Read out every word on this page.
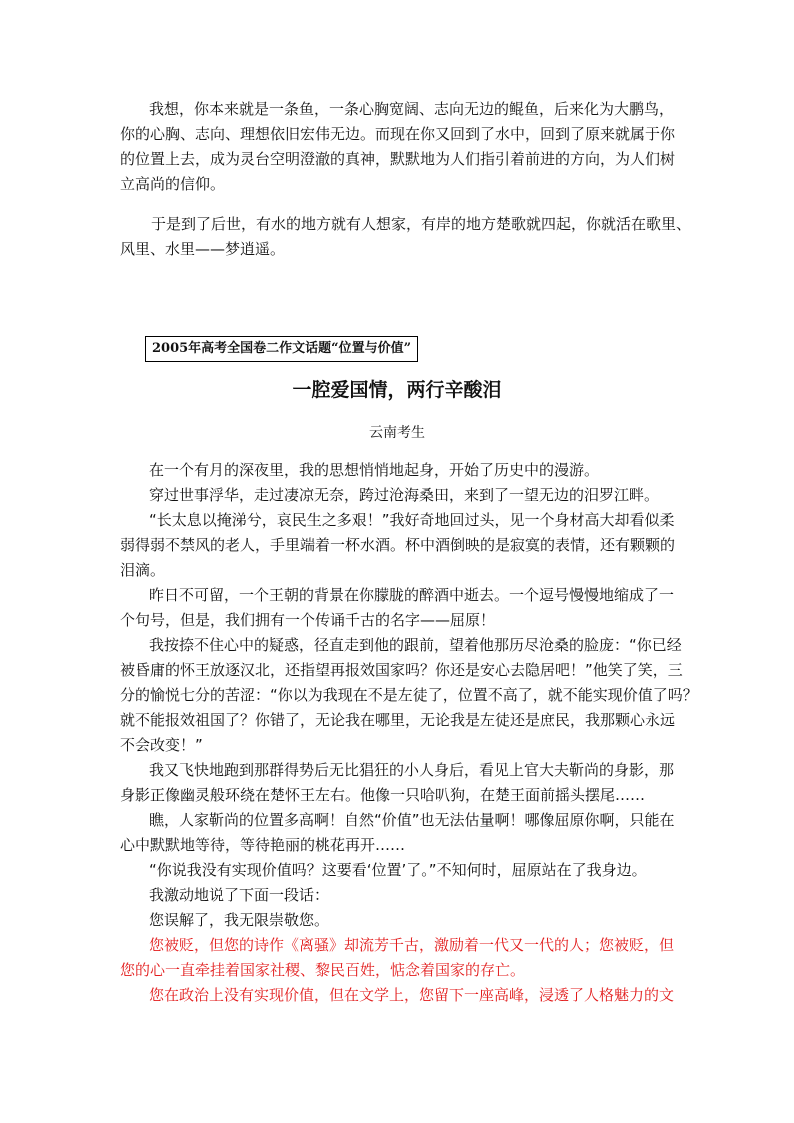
我想，你本来就是一条鱼，一条心胸宽阔、志向无边的鲲鱼，后来化为大鹏鸟，
你的心胸、志向、理想依旧宏伟无边。而现在你又回到了水中，回到了原来就属于你
的位置上去，成为灵台空明澄澈的真神，默默地为人们指引着前进的方向，为人们树
立高尚的信仰。
于是到了后世，有水的地方就有人想家，有岸的地方楚歌就四起，你就活在歌里、
风里、水里——梦逍遥。
2005年高考全国卷二作文话题“位置与价值”
一腔爱国情，两行辛酸泪
云南考生
在一个有月的深夜里，我的思想悄悄地起身，开始了历史中的漫游。
穿过世事浮华，走过凄凉无奈，跨过沧海桑田，来到了一望无边的汨罗江畔。
“长太息以掩涕兮，哀民生之多艰！”我好奇地回过头，见一个身材高大却看似柔
弱得弱不禁风的老人，手里端着一杯水酒。杯中酒倒映的是寂寞的表情，还有颗颗的
泪滴。
昨日不可留，一个王朝的背景在你朦胧的醉酒中逝去。一个逗号慢慢地缩成了一
个句号，但是，我们拥有一个传诵千古的名字——屈原！
我按捺不住心中的疑惑，径直走到他的跟前，望着他那历尽沧桑的脸庞：“你已经
被昏庸的怀王放逐汉北，还指望再报效国家吗？你还是安心去隐居吧！”他笑了笑，三
分的愉悦七分的苦涩：“你以为我现在不是左徒了，位置不高了，就不能实现价值了吗？
就不能报效祖国了？你错了，无论我在哪里，无论我是左徒还是庶民，我那颗心永远
不会改变！”
我又飞快地跑到那群得势后无比猖狂的小人身后，看见上官大夫靳尚的身影，那
身影正像幽灵般环绕在楚怀王左右。他像一只哈叭狗，在楚王面前摇头摆尾……
瞧，人家靳尚的位置多高啊！自然“价值”也无法估量啊！哪像屈原你啊，只能在
心中默默地等待，等待艳丽的桃花再开……
“你说我没有实现价值吗？这要看‘位置’了。”不知何时，屈原站在了我身边。
我激动地说了下面一段话：
您误解了，我无限崇敬您。
您被贬，但您的诗作《离骚》却流芳千古，激励着一代又一代的人；您被贬，但
您的心一直牵挂着国家社稷、黎民百姓，惦念着国家的存亡。
您在政治上没有实现价值，但在文学上，您留下一座高峰，浸透了人格魅力的文
